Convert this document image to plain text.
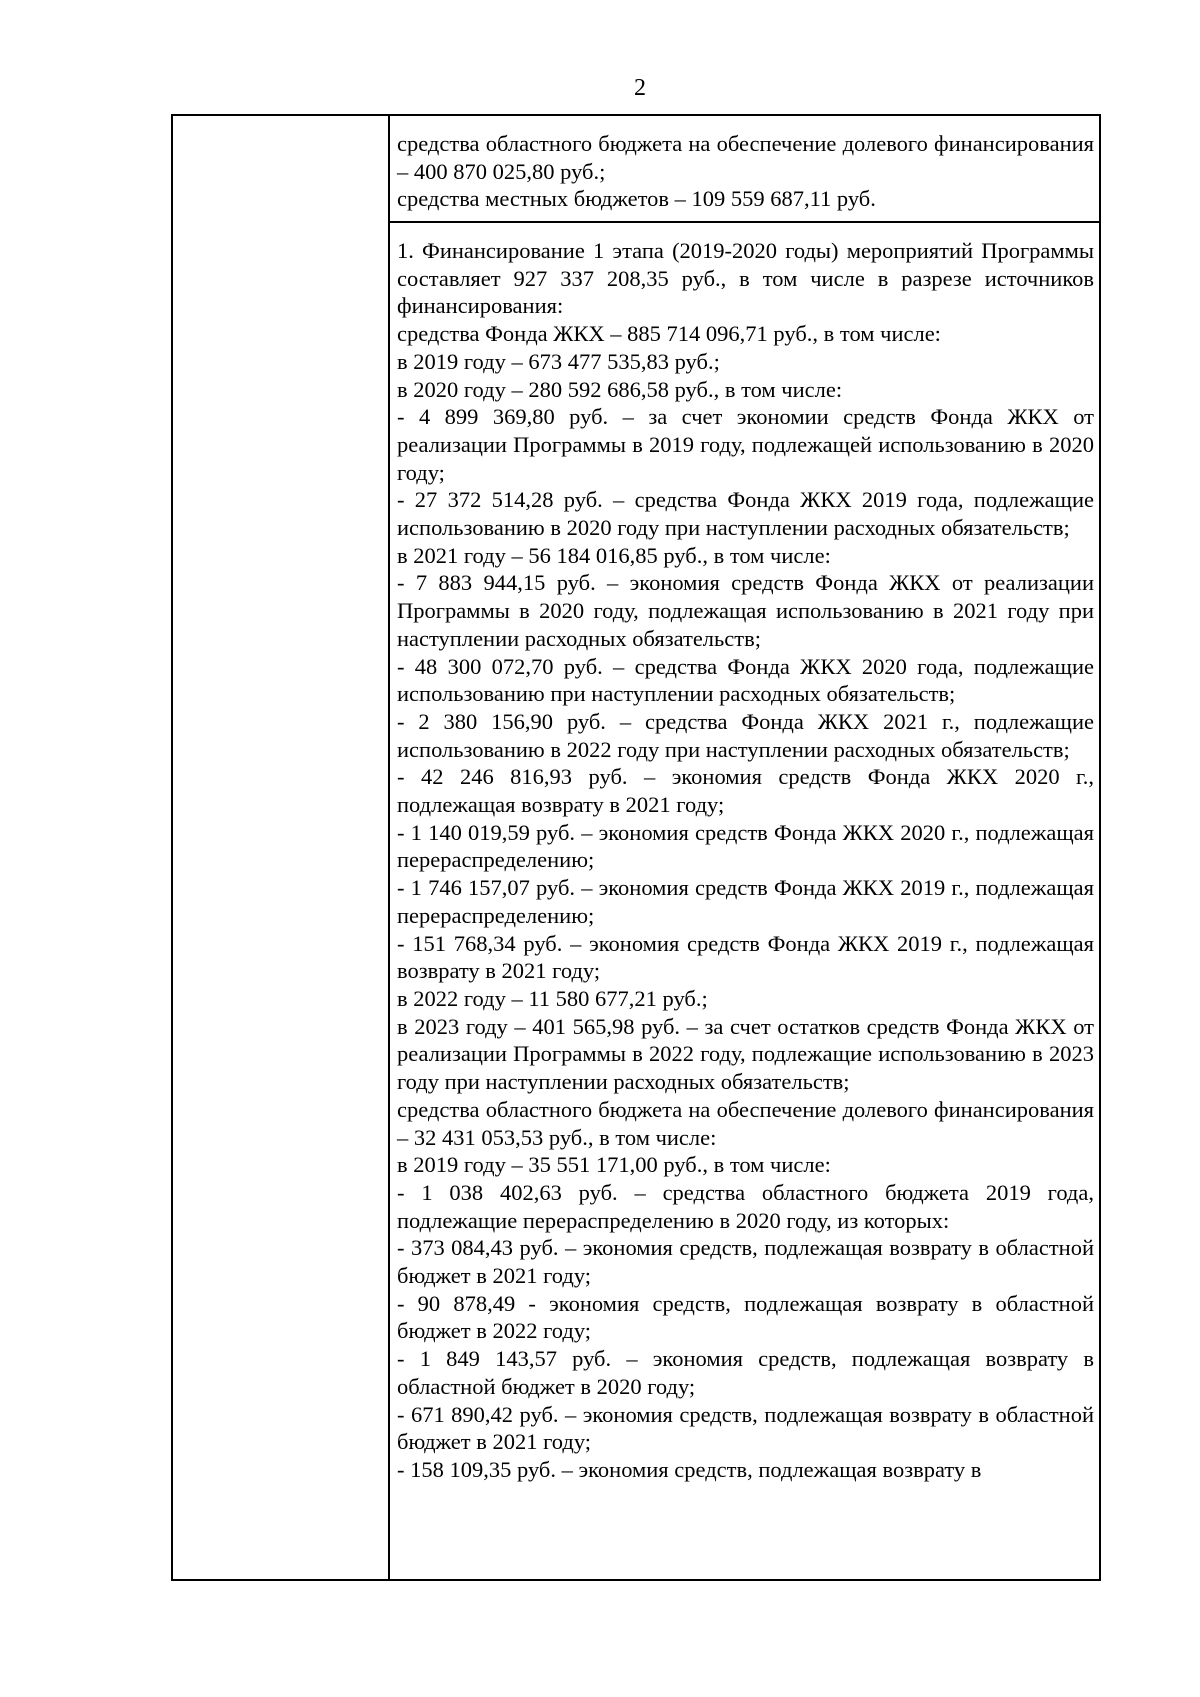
2

средства областного бюджета на обеспечение долевого финансирования – 400 870 025,80 руб.;

средства местных бюджетов – 109 559 687,11 руб.

1. Финансирование 1 этапа (2019-2020 годы) мероприятий Программы составляет 927 337 208,35 руб., в том числе в разрезе источников финансирования:

средства Фонда ЖКХ – 885 714 096,71 руб., в том числе:

в 2019 году – 673 477 535,83 руб.;

в 2020 году – 280 592 686,58 руб., в том числе:

- 4 899 369,80 руб. – за счет экономии средств Фонда ЖКХ от реализации Программы в 2019 году, подлежащей использованию в 2020 году;

- 27 372 514,28 руб. – средства Фонда ЖКХ 2019 года, подлежащие использованию в 2020 году при наступлении расходных обязательств;

в 2021 году – 56 184 016,85 руб., в том числе:

- 7 883 944,15 руб. – экономия средств Фонда ЖКХ от реализации Программы в 2020 году, подлежащая использованию в 2021 году при наступлении расходных обязательств;

- 48 300 072,70 руб. – средства Фонда ЖКХ 2020 года, подлежащие использованию при наступлении расходных обязательств;

- 2 380 156,90 руб. – средства Фонда ЖКХ 2021 г., подлежащие использованию в 2022 году при наступлении расходных обязательств;

- 42 246 816,93 руб. – экономия средств Фонда ЖКХ 2020 г., подлежащая возврату в 2021 году;

- 1 140 019,59 руб. – экономия средств Фонда ЖКХ 2020 г., подлежащая перераспределению;

- 1 746 157,07 руб. – экономия средств Фонда ЖКХ 2019 г., подлежащая перераспределению;

- 151 768,34 руб. – экономия средств Фонда ЖКХ 2019 г., подлежащая возврату в 2021 году;

в 2022 году – 11 580 677,21 руб.;

в 2023 году – 401 565,98 руб. – за счет остатков средств Фонда ЖКХ от реализации Программы в 2022 году, подлежащие использованию в 2023 году при наступлении расходных обязательств;

средства областного бюджета на обеспечение долевого финансирования – 32 431 053,53 руб., в том числе:

в 2019 году – 35 551 171,00 руб., в том числе:

- 1 038 402,63 руб. – средства областного бюджета 2019 года, подлежащие перераспределению в 2020 году, из которых:

- 373 084,43 руб. – экономия средств, подлежащая возврату в областной бюджет в 2021 году;

- 90 878,49 - экономия средств, подлежащая возврату в областной бюджет в 2022 году;

- 1 849 143,57 руб. – экономия средств, подлежащая возврату в областной бюджет в 2020 году;

- 671 890,42 руб. – экономия средств, подлежащая возврату в областной бюджет в 2021 году;

- 158 109,35 руб. – экономия средств, подлежащая возврату в
